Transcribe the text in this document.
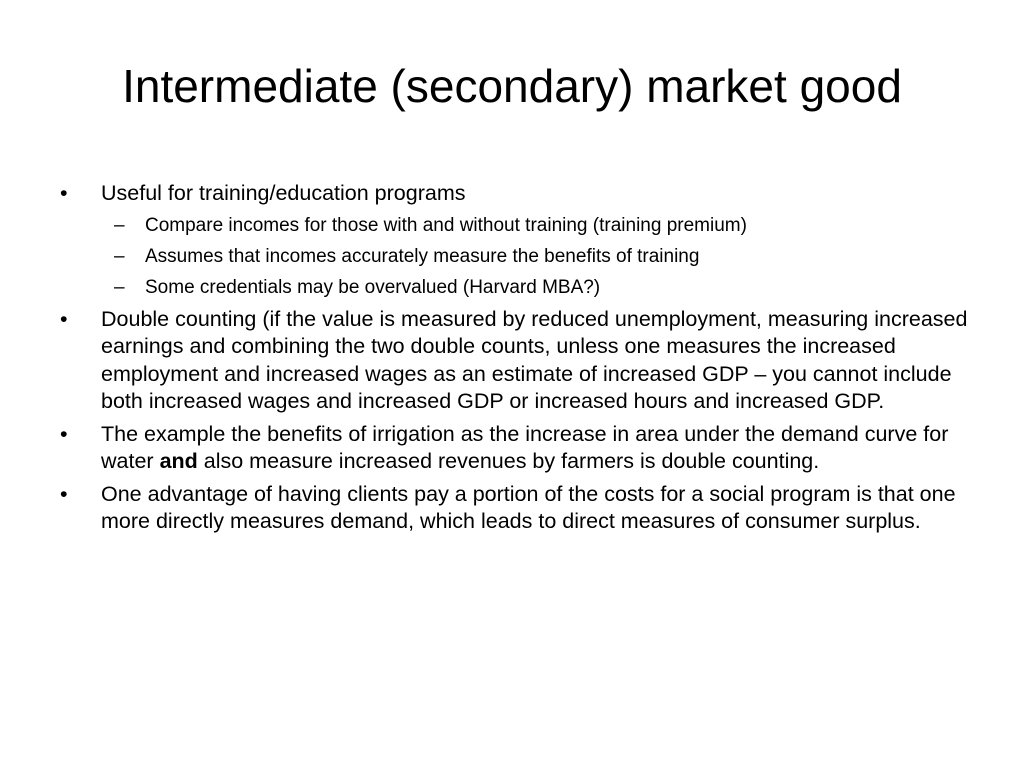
Intermediate (secondary) market good
• Useful for training/education programs
– Compare incomes for those with and without training (training premium)
– Assumes that incomes accurately measure the benefits of training
– Some credentials may be overvalued (Harvard MBA?)
• Double counting (if the value is measured by reduced unemployment, measuring increased earnings and combining the two double counts, unless one measures the increased employment and increased wages as an estimate of increased GDP – you cannot include both increased wages and increased GDP or increased hours and increased GDP.
• The example the benefits of irrigation as the increase in area under the demand curve for water and also measure increased revenues by farmers is double counting.
• One advantage of having clients pay a portion of the costs for a social program is that one more directly measures demand, which leads to direct measures of consumer surplus.
